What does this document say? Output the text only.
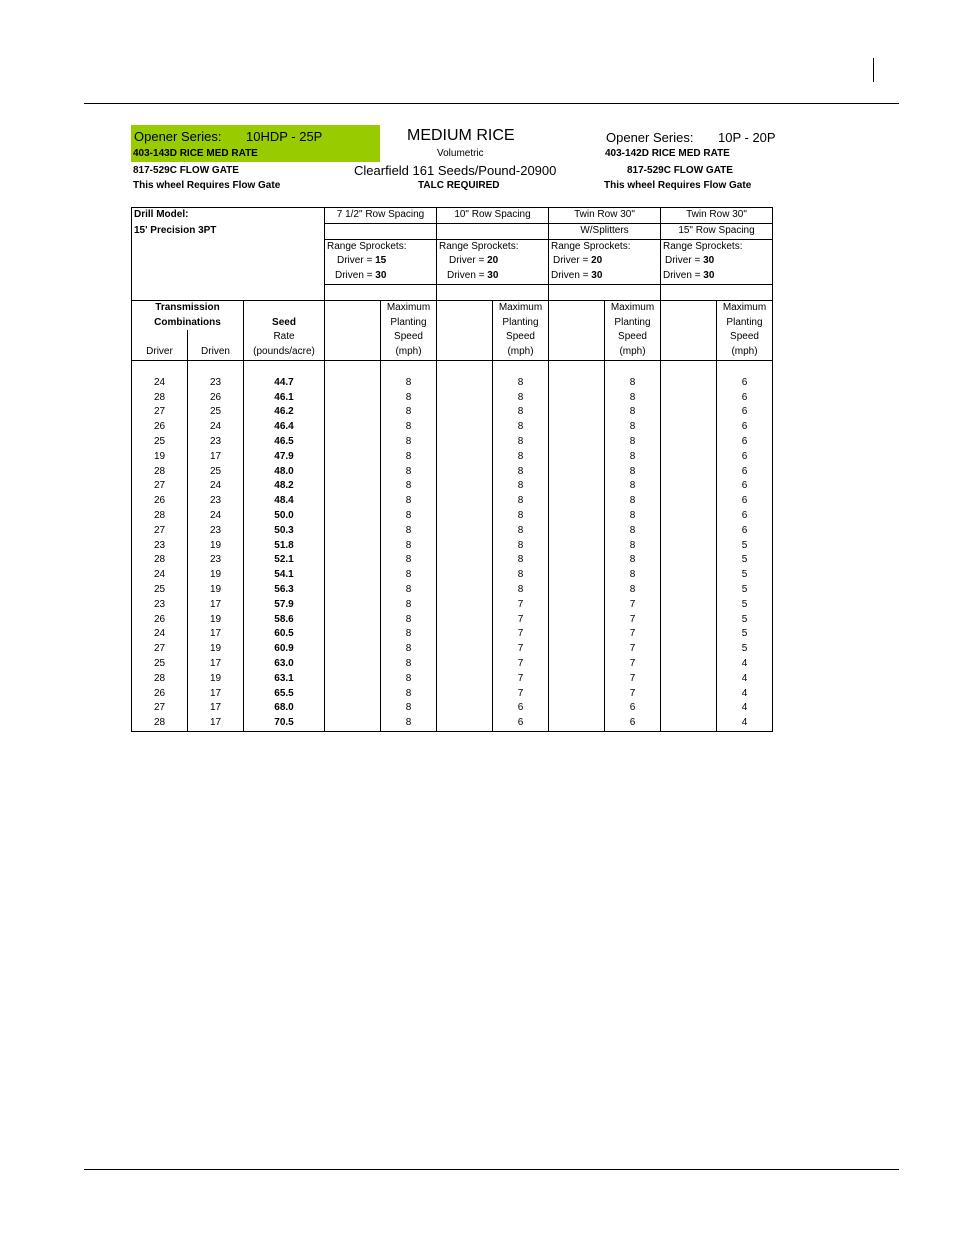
Opener Series: 10HDP - 25P
403-143D RICE MED RATE
817-529C FLOW GATE
This wheel Requires Flow Gate
MEDIUM RICE
Volumetric
Clearfield 161 Seeds/Pound-20900
TALC REQUIRED
Opener Series: 10P - 20P
403-142D RICE MED RATE
817-529C FLOW GATE
This wheel Requires Flow Gate
Drill Model:			7 1/2" Row Spacing		10" Row Spacing		Twin Row 30"		Twin Row 30"	
15' Precision 3PT							W/Splitters		15" Row Spacing	
			Range Sprockets:		Range Sprockets:		Range Sprockets:		Range Sprockets:	
			Driver = 15		Driver = 20		Driver = 20		Driver = 30	
			Driven = 30		Driven = 30		Driven = 30		Driven = 30	

Transmission				Maximum		Maximum		Maximum		Maximum
Combinations		Seed		Planting		Planting		Planting		Planting
		Rate		Speed		Speed		Speed		Speed
Driver	Driven	(pounds/acre)		(mph)		(mph)		(mph)		(mph)

24	23	44.7		8		8		8		6
28	26	46.1		8		8		8		6
27	25	46.2		8		8		8		6
26	24	46.4		8		8		8		6
25	23	46.5		8		8		8		6
19	17	47.9		8		8		8		6
28	25	48.0		8		8		8		6
27	24	48.2		8		8		8		6
26	23	48.4		8		8		8		6
28	24	50.0		8		8		8		6
27	23	50.3		8		8		8		6
23	19	51.8		8		8		8		5
28	23	52.1		8		8		8		5
24	19	54.1		8		8		8		5
25	19	56.3		8		8		8		5
23	17	57.9		8		7		7		5
26	19	58.6		8		7		7		5
24	17	60.5		8		7		7		5
27	19	60.9		8		7		7		5
25	17	63.0		8		7		7		4
28	19	63.1		8		7		7		4
26	17	65.5		8		7		7		4
27	17	68.0		8		6		6		4
28	17	70.5		8		6		6		4
